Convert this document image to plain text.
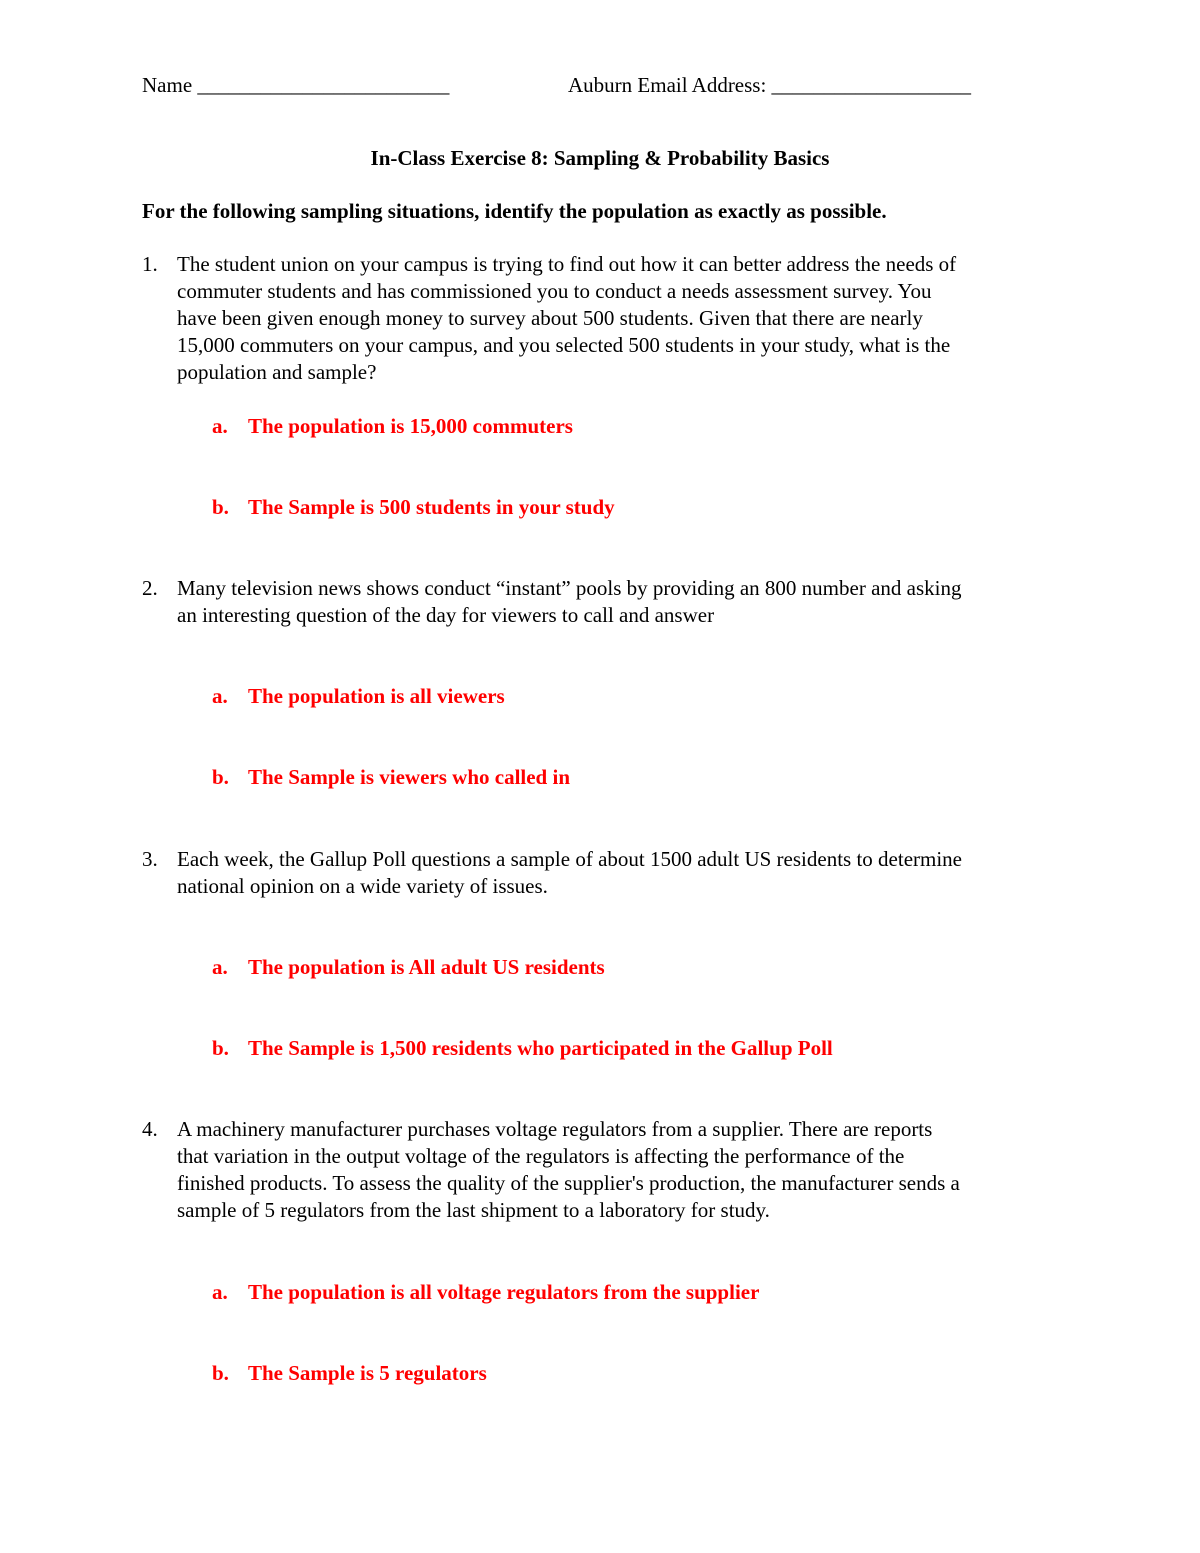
Name ________________________	Auburn Email Address: ___________________
In-Class Exercise 8: Sampling & Probability Basics
For the following sampling situations, identify the population as exactly as possible.
1. The student union on your campus is trying to find out how it can better address the needs of
commuter students and has commissioned you to conduct a needs assessment survey. You
have been given enough money to survey about 500 students. Given that there are nearly
15,000 commuters on your campus, and you selected 500 students in your study, what is the
population and sample?
a. The population is 15,000 commuters
b. The Sample is 500 students in your study
2. Many television news shows conduct “instant” pools by providing an 800 number and asking
an interesting question of the day for viewers to call and answer
a. The population is all viewers
b. The Sample is viewers who called in
3. Each week, the Gallup Poll questions a sample of about 1500 adult US residents to determine
national opinion on a wide variety of issues.
a. The population is All adult US residents
b. The Sample is 1,500 residents who participated in the Gallup Poll
4. A machinery manufacturer purchases voltage regulators from a supplier. There are reports
that variation in the output voltage of the regulators is affecting the performance of the
finished products. To assess the quality of the supplier's production, the manufacturer sends a
sample of 5 regulators from the last shipment to a laboratory for study.
a. The population is all voltage regulators from the supplier
b. The Sample is 5 regulators
